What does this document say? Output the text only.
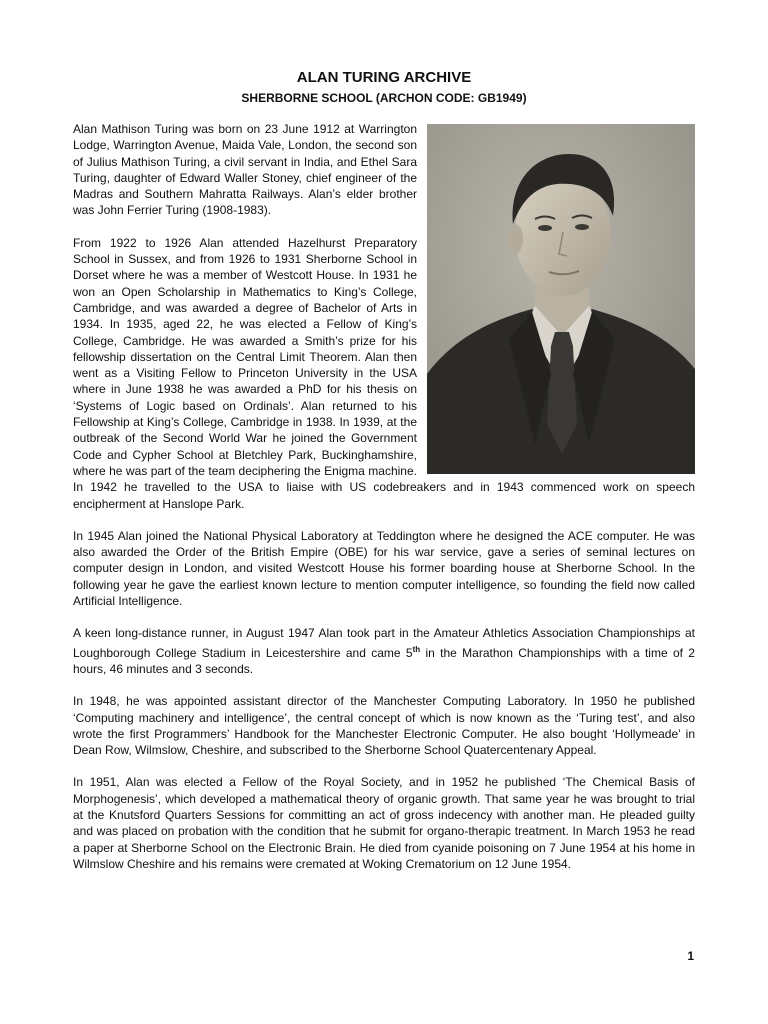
ALAN TURING ARCHIVE
SHERBORNE SCHOOL (ARCHON CODE: GB1949)

Alan Mathison Turing was born on 23 June 1912 at Warrington Lodge, Warrington Avenue, Maida Vale, London, the second son of Julius Mathison Turing, a civil servant in India, and Ethel Sara Turing, daughter of Edward Waller Stoney, chief engineer of the Madras and Southern Mahratta Railways. Alan’s elder brother was John Ferrier Turing (1908-1983).

From 1922 to 1926 Alan attended Hazelhurst Preparatory School in Sussex, and from 1926 to 1931 Sherborne School in Dorset where he was a member of Westcott House. In 1931 he won an Open Scholarship in Mathematics to King’s College, Cambridge, and was awarded a degree of Bachelor of Arts in 1934. In 1935, aged 22, he was elected a Fellow of King’s College, Cambridge. He was awarded a Smith’s prize for his fellowship dissertation on the Central Limit Theorem. Alan then went as a Visiting Fellow to Princeton University in the USA where in June 1938 he was awarded a PhD for his thesis on ‘Systems of Logic based on Ordinals’. Alan returned to his Fellowship at King’s College, Cambridge in 1938. In 1939, at the outbreak of the Second World War he joined the Government Code and Cypher School at Bletchley Park, Buckinghamshire, where he was part of the team deciphering the Enigma machine. In 1942 he travelled to the USA to liaise with US codebreakers and in 1943 commenced work on speech encipherment at Hanslope Park.

In 1945 Alan joined the National Physical Laboratory at Teddington where he designed the ACE computer. He was also awarded the Order of the British Empire (OBE) for his war service, gave a series of seminal lectures on computer design in London, and visited Westcott House his former boarding house at Sherborne School. In the following year he gave the earliest known lecture to mention computer intelligence, so founding the field now called Artificial Intelligence.

A keen long-distance runner, in August 1947 Alan took part in the Amateur Athletics Association Championships at Loughborough College Stadium in Leicestershire and came 5th in the Marathon Championships with a time of 2 hours, 46 minutes and 3 seconds.

In 1948, he was appointed assistant director of the Manchester Computing Laboratory. In 1950 he published ‘Computing machinery and intelligence’, the central concept of which is now known as the ‘Turing test’, and also wrote the first Programmers’ Handbook for the Manchester Electronic Computer. He also bought ‘Hollymeade’ in Dean Row, Wilmslow, Cheshire, and subscribed to the Sherborne School Quatercentenary Appeal.

In 1951, Alan was elected a Fellow of the Royal Society, and in 1952 he published ‘The Chemical Basis of Morphogenesis’, which developed a mathematical theory of organic growth. That same year he was brought to trial at the Knutsford Quarters Sessions for committing an act of gross indecency with another man. He pleaded guilty and was placed on probation with the condition that he submit for organo-therapic treatment. In March 1953 he read a paper at Sherborne School on the Electronic Brain. He died from cyanide poisoning on 7 June 1954 at his home in Wilmslow Cheshire and his remains were cremated at Woking Crematorium on 12 June 1954.

1
